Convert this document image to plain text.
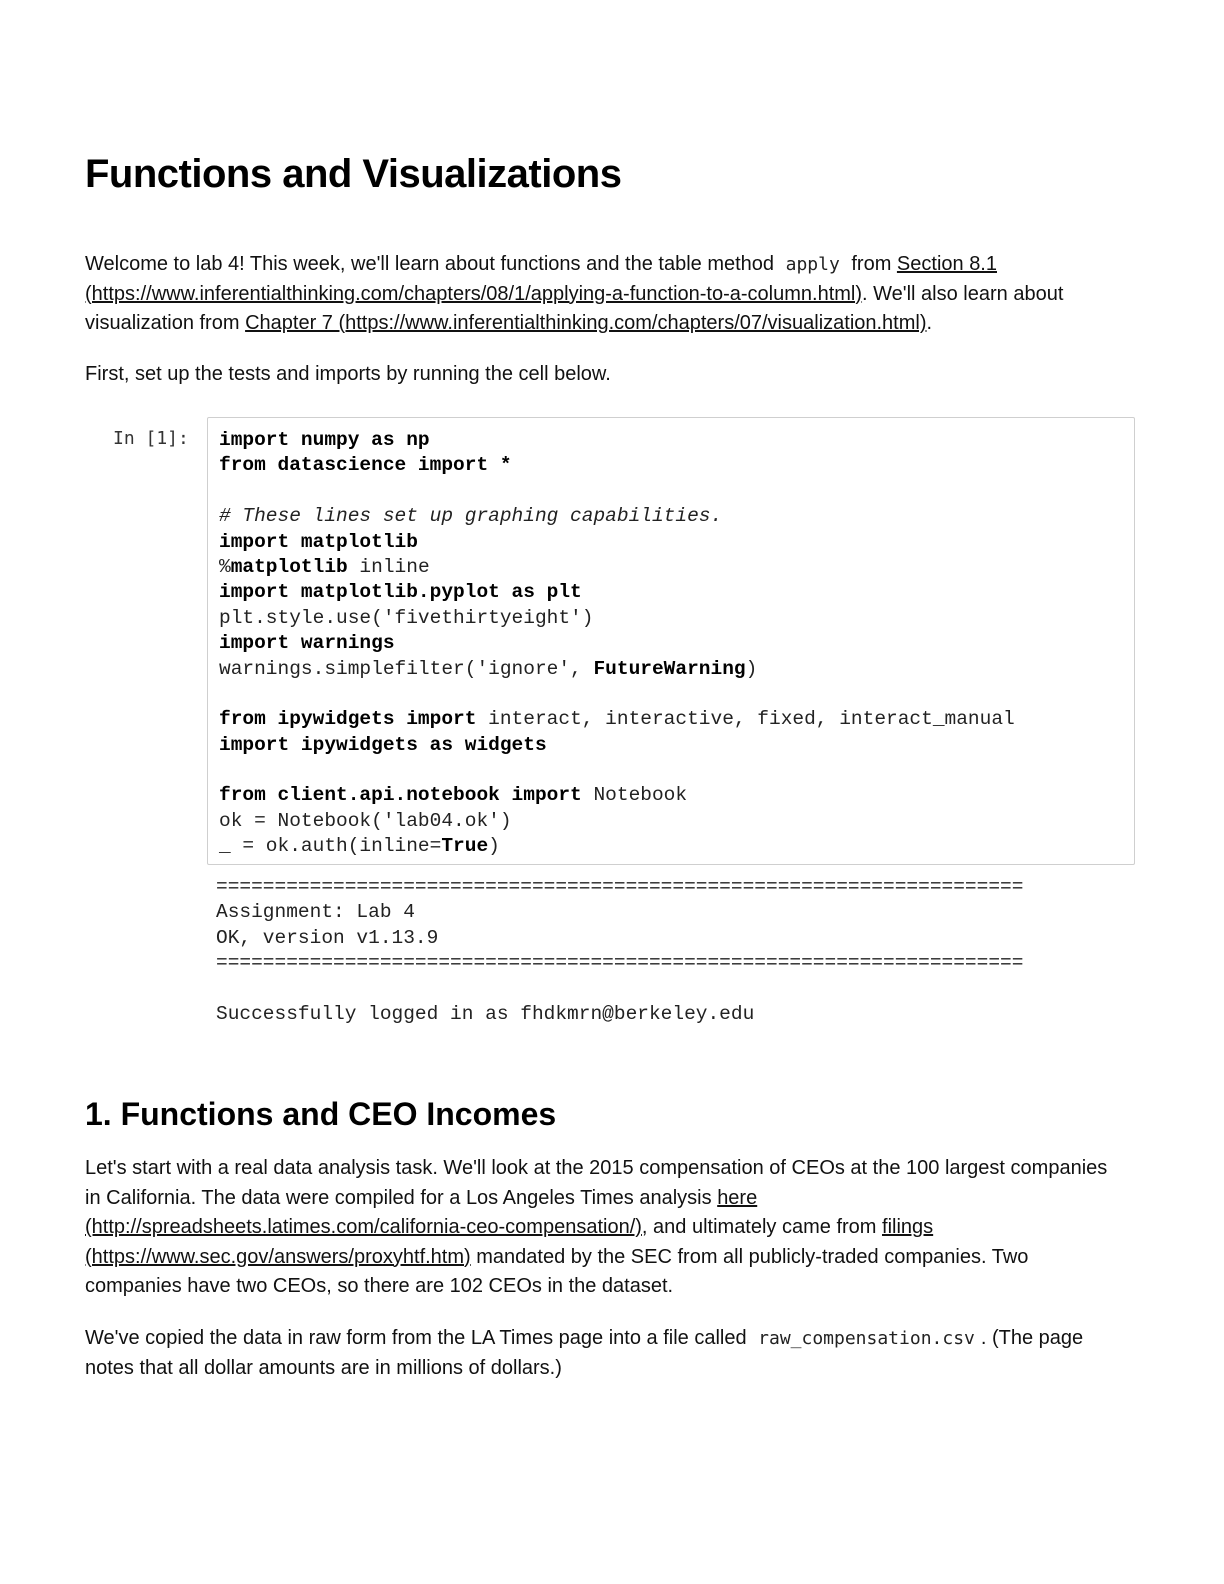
Functions and Visualizations

Welcome to lab 4! This week, we'll learn about functions and the table method apply from Section 8.1 (https://www.inferentialthinking.com/chapters/08/1/applying-a-function-to-a-column.html). We'll also learn about visualization from Chapter 7 (https://www.inferentialthinking.com/chapters/07/visualization.html).

First, set up the tests and imports by running the cell below.

In [1]: import numpy as np
from datascience import *

# These lines set up graphing capabilities.
import matplotlib
%matplotlib inline
import matplotlib.pyplot as plt
plt.style.use('fivethirtyeight')
import warnings
warnings.simplefilter('ignore', FutureWarning)

from ipywidgets import interact, interactive, fixed, interact_manual
import ipywidgets as widgets

from client.api.notebook import Notebook
ok = Notebook('lab04.ok')
_ = ok.auth(inline=True)
=====================================================================
Assignment: Lab 4
OK, version v1.13.9
=====================================================================

Successfully logged in as fhdkmrn@berkeley.edu
1. Functions and CEO Incomes

Let's start with a real data analysis task. We'll look at the 2015 compensation of CEOs at the 100 largest companies in California. The data were compiled for a Los Angeles Times analysis here (http://spreadsheets.latimes.com/california-ceo-compensation/), and ultimately came from filings (https://www.sec.gov/answers/proxyhtf.htm) mandated by the SEC from all publicly-traded companies. Two companies have two CEOs, so there are 102 CEOs in the dataset.

We've copied the data in raw form from the LA Times page into a file called raw_compensation.csv . (The page notes that all dollar amounts are in millions of dollars.)
